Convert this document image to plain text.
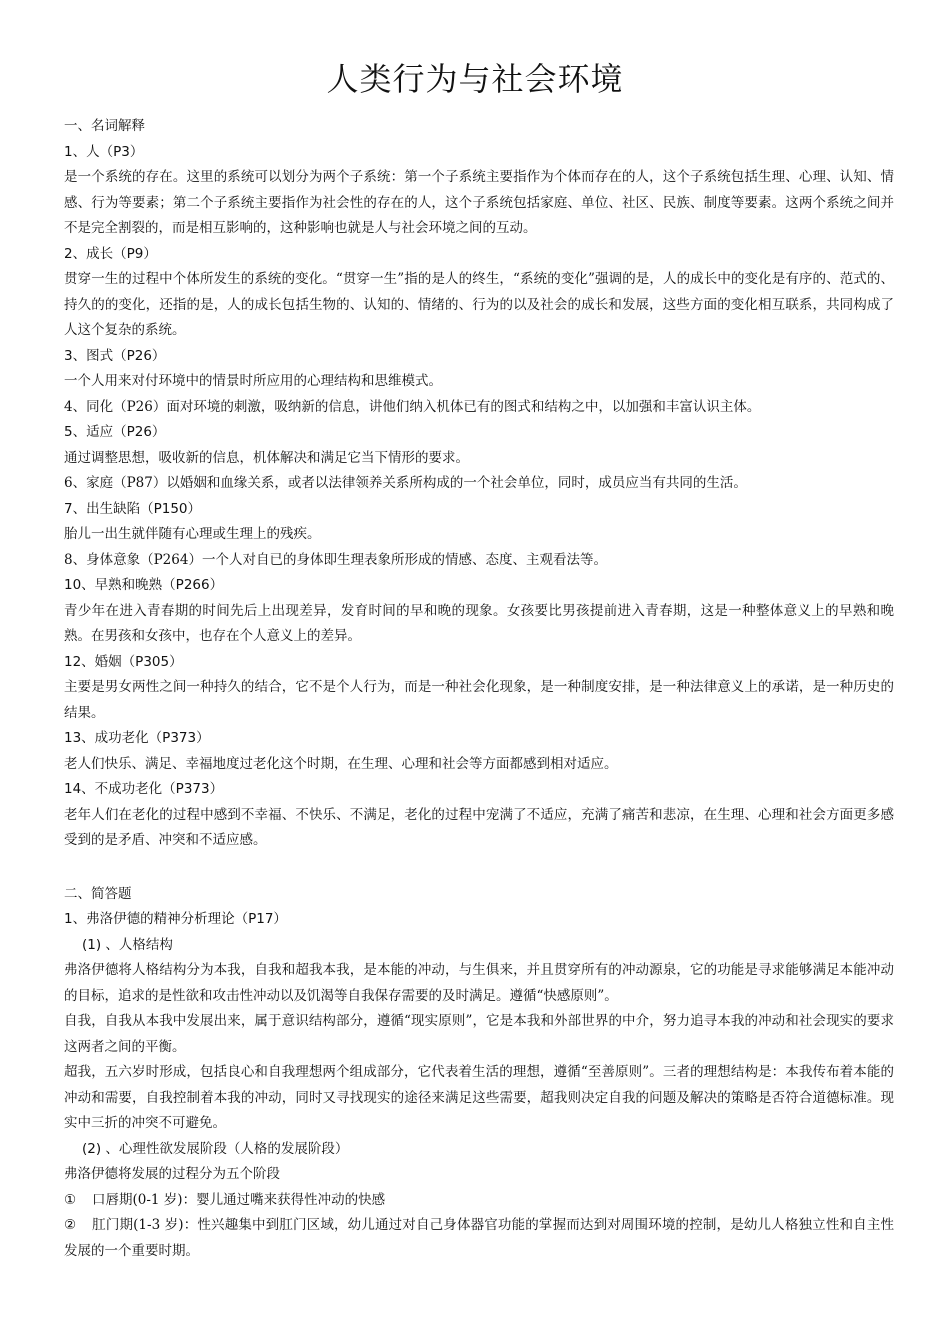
人类行为与社会环境

一、名词解释

1、人（P3）

是一个系统的存在。这里的系统可以划分为两个子系统：第一个子系统主要指作为个体而存在的人，这个子系统包括生理、心理、认知、情感、行为等要素；第二个子系统主要指作为社会性的存在的人，这个子系统包括家庭、单位、社区、民族、制度等要素。这两个系统之间并不是完全割裂的，而是相互影响的，这种影响也就是人与社会环境之间的互动。

2、成长（P9）

贯穿一生的过程中个体所发生的系统的变化。“贯穿一生”指的是人的终生，“系统的变化”强调的是，人的成长中的变化是有序的、范式的、持久的的变化，还指的是，人的成长包括生物的、认知的、情绪的、行为的以及社会的成长和发展，这些方面的变化相互联系，共同构成了人这个复杂的系统。

3、图式（P26）

一个人用来对付环境中的情景时所应用的心理结构和思维模式。

4、同化（P26）面对环境的刺激，吸纳新的信息，讲他们纳入机体已有的图式和结构之中，以加强和丰富认识主体。

5、适应（P26）

通过调整思想，吸收新的信息，机体解决和满足它当下情形的要求。

6、家庭（P87）以婚姻和血缘关系，或者以法律领养关系所构成的一个社会单位，同时，成员应当有共同的生活。

7、出生缺陷（P150）

胎儿一出生就伴随有心理或生理上的残疾。

8、身体意象（P264）一个人对自已的身体即生理表象所形成的情感、态度、主观看法等。

10、早熟和晚熟（P266）

青少年在进入青春期的时间先后上出现差异，发育时间的早和晚的现象。女孩要比男孩提前进入青春期，这是一种整体意义上的早熟和晚熟。在男孩和女孩中，也存在个人意义上的差异。

12、婚姻（P305）

主要是男女两性之间一种持久的结合，它不是个人行为，而是一种社会化现象，是一种制度安排，是一种法律意义上的承诺，是一种历史的结果。

13、成功老化（P373）

老人们快乐、满足、幸福地度过老化这个时期，在生理、心理和社会等方面都感到相对适应。

14、不成功老化（P373）

老年人们在老化的过程中感到不幸福、不快乐、不满足，老化的过程中宠满了不适应，充满了痛苦和悲凉，在生理、心理和社会方面更多感受到的是矛盾、冲突和不适应感。

二、简答题

1、弗洛伊德的精神分析理论（P17）

(1) 、人格结构

弗洛伊德将人格结构分为本我，自我和超我本我，是本能的冲动，与生俱来，并且贯穿所有的冲动源泉，它的功能是寻求能够满足本能冲动的目标，追求的是性欲和攻击性冲动以及饥渴等自我保存需要的及时满足。遵循“快感原则”。

自我，自我从本我中发展出来，属于意识结构部分，遵循“现实原则”，它是本我和外部世界的中介，努力追寻本我的冲动和社会现实的要求这两者之间的平衡。

超我，五六岁时形成，包括良心和自我理想两个组成部分，它代表着生活的理想，遵循“至善原则”。三者的理想结构是：本我传布着本能的冲动和需要，自我控制着本我的冲动，同时又寻找现实的途径来满足这些需要，超我则决定自我的问题及解决的策略是否符合道德标准。现实中三折的冲突不可避免。

(2) 、心理性欲发展阶段（人格的发展阶段）

弗洛伊德将发展的过程分为五个阶段

① 口唇期(0-1 岁)：婴儿通过嘴来获得性冲动的快感

② 肛门期(1-3 岁)：性兴趣集中到肛门区域，幼儿通过对自己身体器官功能的掌握而达到对周围环境的控制，是幼儿人格独立性和自主性发展的一个重要时期。
